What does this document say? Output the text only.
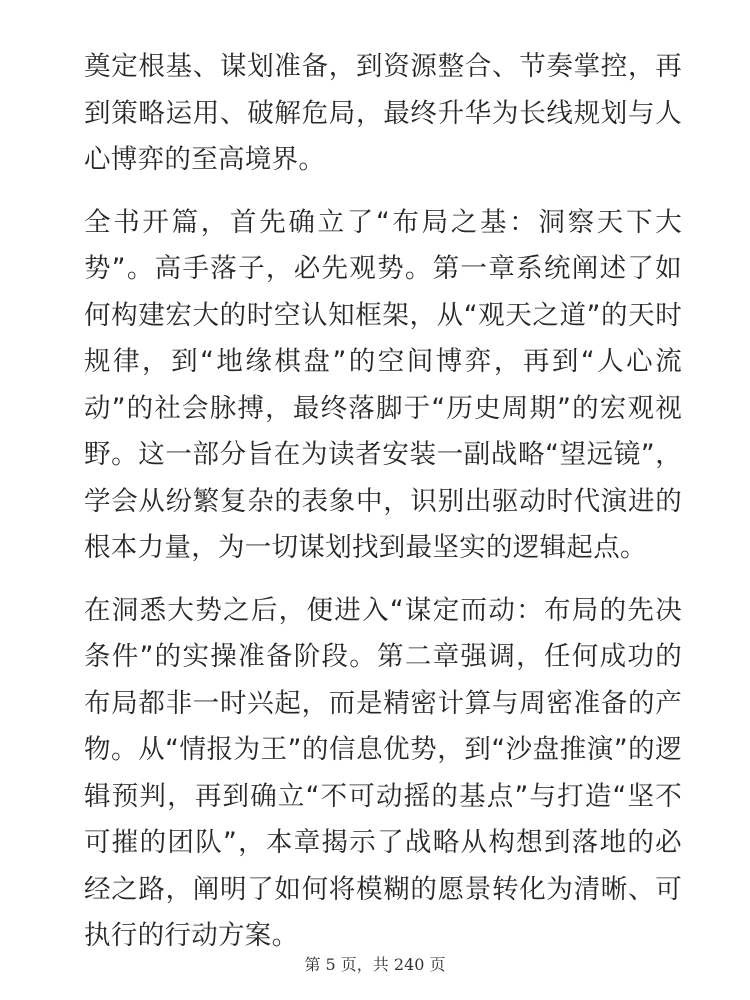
奠定根基、谋划准备，到资源整合、节奏掌控，再到策略运用、破解危局，最终升华为长线规划与人心博弈的至高境界。

全书开篇，首先确立了“布局之基：洞察天下大势”。高手落子，必先观势。第一章系统阐述了如何构建宏大的时空认知框架，从“观天之道”的天时规律，到“地缘棋盘”的空间博弈，再到“人心流动”的社会脉搏，最终落脚于“历史周期”的宏观视野。这一部分旨在为读者安装一副战略“望远镜”，学会从纷繁复杂的表象中，识别出驱动时代演进的根本力量，为一切谋划找到最坚实的逻辑起点。

在洞悉大势之后，便进入“谋定而动：布局的先决条件”的实操准备阶段。第二章强调，任何成功的布局都非一时兴起，而是精密计算与周密准备的产物。从“情报为王”的信息优势，到“沙盘推演”的逻辑预判，再到确立“不可动摇的基点”与打造“坚不可摧的团队”，本章揭示了战略从构想到落地的必经之路，阐明了如何将模糊的愿景转化为清晰、可执行的行动方案。

第 5 页，共 240 页
